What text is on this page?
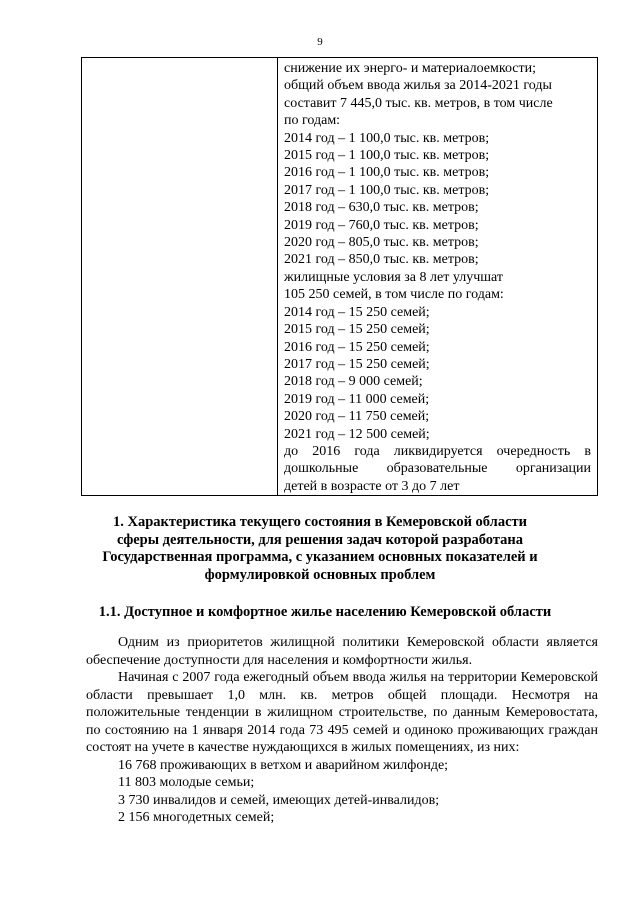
9

снижение их энерго- и материалоемкости;
общий объем ввода жилья за 2014-2021 годы
составит 7 445,0 тыс. кв. метров, в том числе
по годам:
2014 год – 1 100,0 тыс. кв. метров;
2015 год – 1 100,0 тыс. кв. метров;
2016 год – 1 100,0 тыс. кв. метров;
2017 год – 1 100,0 тыс. кв. метров;
2018 год – 630,0 тыс. кв. метров;
2019 год – 760,0 тыс. кв. метров;
2020 год – 805,0 тыс. кв. метров;
2021 год – 850,0 тыс. кв. метров;
жилищные условия за 8 лет улучшат
105 250 семей, в том числе по годам:
2014 год – 15 250 семей;
2015 год – 15 250 семей;
2016 год – 15 250 семей;
2017 год – 15 250 семей;
2018 год – 9 000 семей;
2019 год – 11 000 семей;
2020 год – 11 750 семей;
2021 год – 12 500 семей;
до 2016 года ликвидируется очередность в
дошкольные образовательные организации
детей в возрасте от 3 до 7 лет
1. Характеристика текущего состояния в Кемеровской области
сферы деятельности, для решения задач которой разработана
Государственная программа, с указанием основных показателей и
формулировкой основных проблем
1.1. Доступное и комфортное жилье населению Кемеровской области

Одним из приоритетов жилищной политики Кемеровской области является обеспечение доступности для населения и комфортности жилья.

Начиная с 2007 года ежегодный объем ввода жилья на территории Кемеровской области превышает 1,0 млн. кв. метров общей площади. Несмотря на положительные тенденции в жилищном строительстве, по данным Кемеровостата, по состоянию на 1 января 2014 года 73 495 семей и одиноко проживающих граждан состоят на учете в качестве нуждающихся в жилых помещениях, из них:

16 768 проживающих в ветхом и аварийном жилфонде;

11 803 молодые семьи;

3 730 инвалидов и семей, имеющих детей-инвалидов;

2 156 многодетных семей;
